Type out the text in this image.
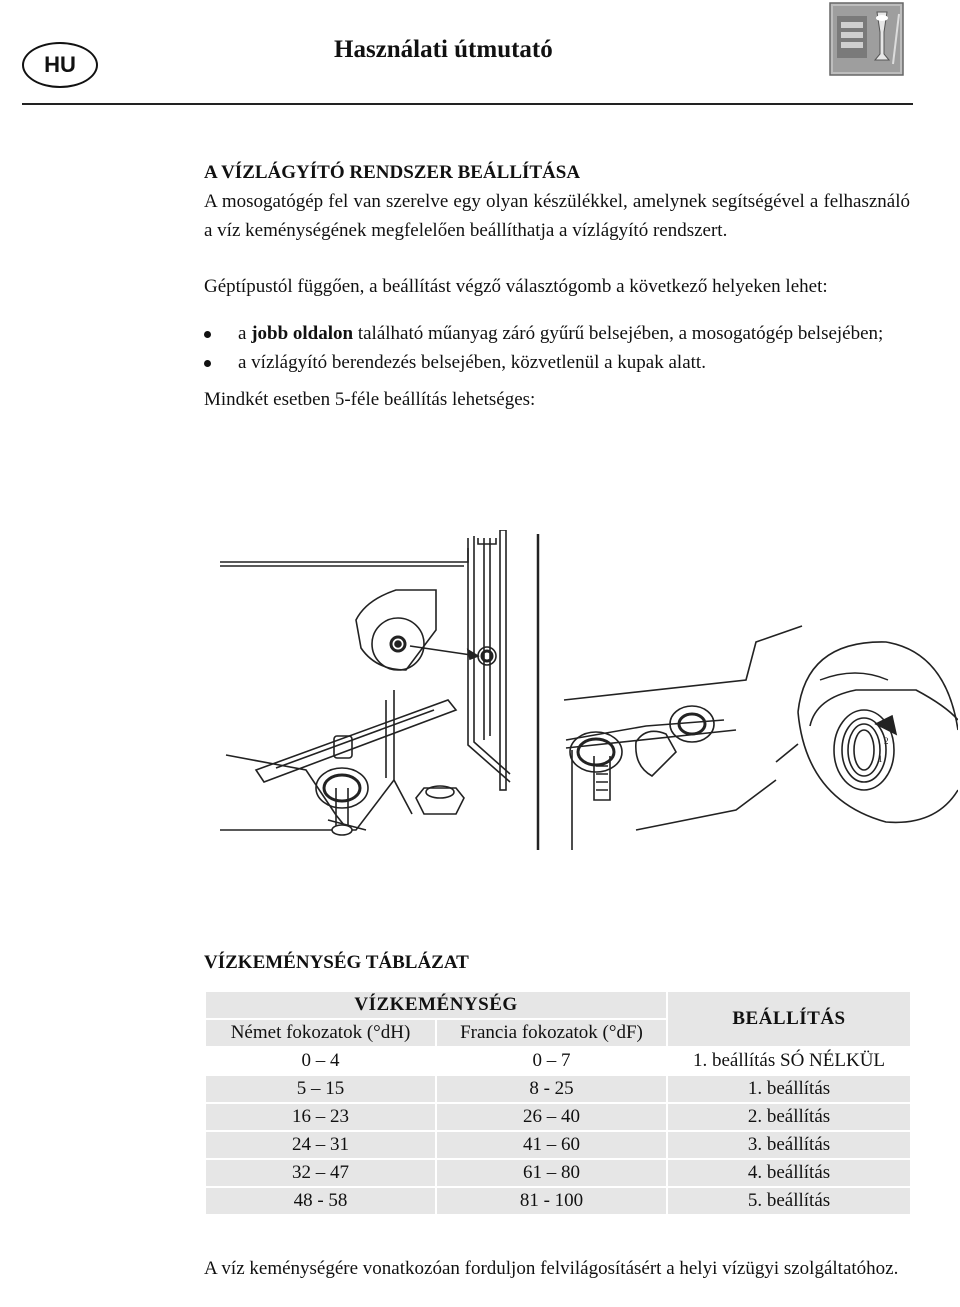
HU
Használati útmutató
A VÍZLÁGYÍTÓ RENDSZER BEÁLLÍTÁSA

A mosogatógép fel van szerelve egy olyan készülékkel, amelynek segítségével a felhasználó a víz keménységének megfelelően beállíthatja a vízlágyító rendszert.

Géptípustól függően, a beállítást végző választógomb a következő helyeken lehet:

a jobb oldalon található műanyag záró gyűrű belsejében, a mosogatógép belsejében;
a vízlágyító berendezés belsejében, közvetlenül a kupak alatt.

Mindkét esetben 5-féle beállítás lehetséges:

1
2
VÍZKEMÉNYSÉG TÁBLÁZAT
VÍZKEMÉNYSÉG		BEÁLLÍTÁS
Német fokozatok (°dH)	Francia fokozatok (°dF)	
0 – 4	0 – 7	1. beállítás SÓ NÉLKÜL
5 – 15	8 - 25	1. beállítás
16 – 23	26 – 40	2. beállítás
24 – 31	41 – 60	3. beállítás
32 – 47	61 – 80	4. beállítás
48 - 58	81 - 100	5. beállítás
A víz keménységére vonatkozóan forduljon felvilágosításért a helyi vízügyi szolgáltatóhoz.
